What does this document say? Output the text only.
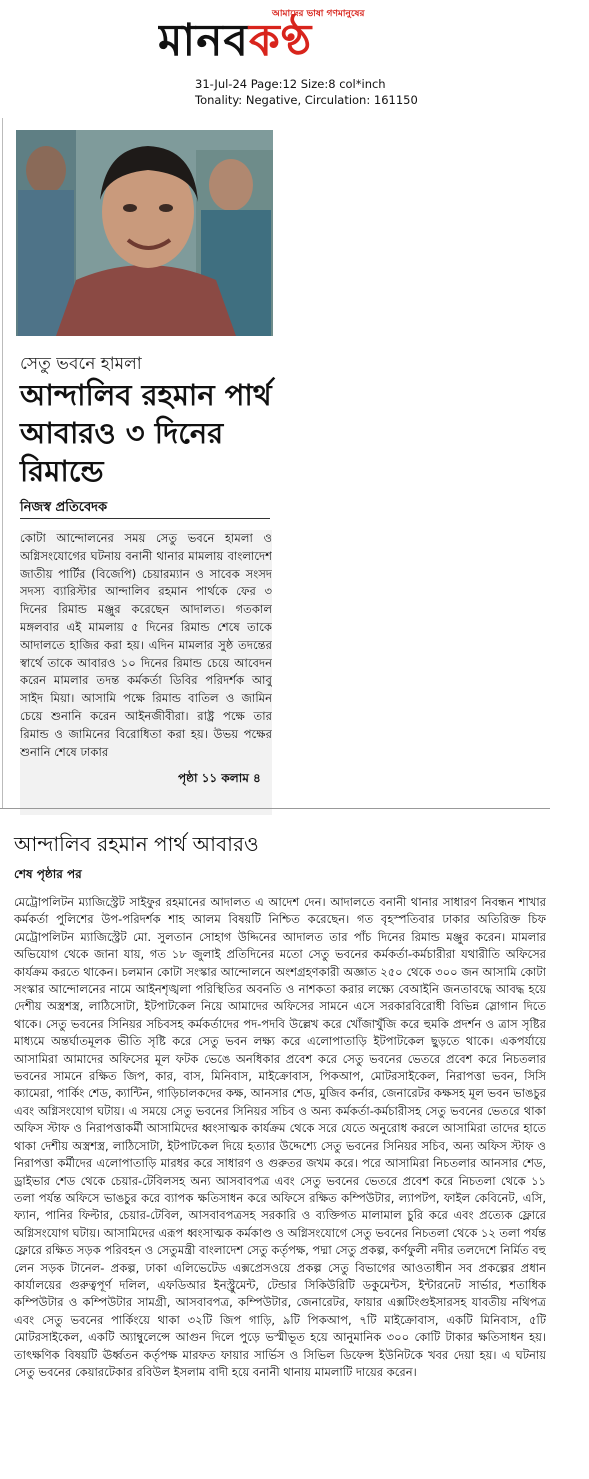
আমাদের ভাষা গণমানুষের
মানবকণ্ঠ
31-Jul-24 Page:12 Size:8 col*inch
Tonality: Negative, Circulation: 161150
সেতু ভবনে হামলা
আন্দালিব রহমান পার্থ আবারও ৩ দিনের রিমান্ডে
নিজস্ব প্রতিবেদক
কোটা আন্দোলনের সময় সেতু ভবনে হামলা ও অগ্নিসংযোগের ঘটনায় বনানী থানার মামলায় বাংলাদেশ জাতীয় পার্টির (বিজেপি) চেয়ারম্যান ও সাবেক সংসদ সদস্য ব্যারিস্টার আন্দালিব রহমান পার্থকে ফের ৩ দিনের রিমান্ড মঞ্জুর করেছেন আদালত। গতকাল মঙ্গলবার এই মামলায় ৫ দিনের রিমান্ড শেষে তাকে আদালতে হাজির করা হয়। এদিন মামলার সুষ্ঠ তদন্তের স্বার্থে তাকে আবারও ১০ দিনের রিমান্ড চেয়ে আবেদন করেন মামলার তদন্ত কর্মকর্তা ডিবির পরিদর্শক আবু সাইদ মিয়া। আসামি পক্ষে রিমান্ড বাতিল ও জামিন চেয়ে শুনানি করেন আইনজীবীরা। রাষ্ট্র পক্ষে তার রিমান্ড ও জামিনের বিরোধিতা করা হয়। উভয় পক্ষের শুনানি শেষে ঢাকার
পৃষ্ঠা ১১ কলাম ৪
আন্দালিব রহমান পার্থ আবারও
শেষ পৃষ্ঠার পর
মেট্রোপলিটন ম্যাজিস্ট্রেট সাইফুর রহমানের আদালত এ আদেশ দেন। আদালতে বনানী থানার সাধারণ নিবন্ধন শাখার কর্মকর্তা পুলিশের উপ-পরিদর্শক শাহ আলম বিষয়টি নিশ্চিত করেছেন। গত বৃহস্পতিবার ঢাকার অতিরিক্ত চিফ মেট্রোপলিটন ম্যাজিস্ট্রেট মো. সুলতান সোহাগ উদ্দিনের আদালত তার পাঁচ দিনের রিমান্ড মঞ্জুর করেন। মামলার অভিযোগ থেকে জানা যায়, গত ১৮ জুলাই প্রতিদিনের মতো সেতু ভবনের কর্মকর্তা-কর্মচারীরা যথারীতি অফিসের কার্যক্রম করতে থাকেন। চলমান কোটা সংস্কার আন্দোলনে অংশগ্রহণকারী অজ্ঞাত ২৫০ থেকে ৩০০ জন আসামি কোটা সংস্কার আন্দোলনের নামে আইনশৃঙ্খলা পরিস্থিতির অবনতি ও নাশকতা করার লক্ষ্যে বেআইনি জনতাবদ্ধে আবদ্ধ হয়ে দেশীয় অস্ত্রশস্ত্র, লাঠিসোটা, ইটপাটকেল নিয়ে আমাদের অফিসের সামনে এসে সরকারবিরোধী বিভিন্ন স্লোগান দিতে থাকে। সেতু ভবনের সিনিয়র সচিবসহ কর্মকর্তাদের পদ-পদবি উল্লেখ করে খোঁজাখুঁজি করে হুমকি প্রদর্শন ও ত্রাস সৃষ্টির মাধ্যমে অন্তর্ঘাতমূলক ভীতি সৃষ্টি করে সেতু ভবন লক্ষ্য করে এলোপাতাড়ি ইটপাটকেল ছুড়তে থাকে। একপর্যায়ে আসামিরা আমাদের অফিসের মূল ফটক ভেঙে অনধিকার প্রবেশ করে সেতু ভবনের ভেতরে প্রবেশ করে নিচতলার ভবনের সামনে রক্ষিত জিপ, কার, বাস, মিনিবাস, মাইক্রোবাস, পিকআপ, মোটরসাইকেল, নিরাপত্তা ভবন, সিসি ক্যামেরা, পার্কিং শেড, ক্যান্টিন, গাড়িচালকদের কক্ষ, আনসার শেড, মুজিব কর্নার, জেনারেটর কক্ষসহ মূল ভবন ভাঙচুর এবং অগ্নিসংযোগ ঘটায়। এ সময়ে সেতু ভবনের সিনিয়র সচিব ও অন্য কর্মকর্তা-কর্মচারীসহ সেতু ভবনের ভেতরে থাকা অফিস স্টাফ ও নিরাপত্তাকর্মী আসামিদের ধ্বংসাত্মক কার্যক্রম থেকে সরে যেতে অনুরোধ করলে আসামিরা তাদের হাতে থাকা দেশীয় অস্ত্রশস্ত্র, লাঠিসোটা, ইটপাটকেল দিয়ে হত্যার উদ্দেশ্যে সেতু ভবনের সিনিয়র সচিব, অন্য অফিস স্টাফ ও নিরাপত্তা কর্মীদের এলোপাতাড়ি মারধর করে সাধারণ ও গুরুতর জখম করে। পরে আসামিরা নিচতলার আনসার শেড, ড্রাইভার শেড থেকে চেয়ার-টেবিলসহ অন্য আসবাবপত্র এবং সেতু ভবনের ভেতরে প্রবেশ করে নিচতলা থেকে ১১ তলা পর্যন্ত অফিসে ভাঙচুর করে ব্যাপক ক্ষতিসাধন করে অফিসে রক্ষিত কম্পিউটার, ল্যাপটপ, ফাইল কেবিনেট, এসি, ফ্যান, পানির ফিল্টার, চেয়ার-টেবিল, আসবাবপত্রসহ সরকারি ও ব্যক্তিগত মালামাল চুরি করে এবং প্রত্যেক ফ্লোরে অগ্নিসংযোগ ঘটায়। আসামিদের এরূপ ধ্বংসাত্মক কর্মকাণ্ড ও অগ্নিসংযোগে সেতু ভবনের নিচতলা থেকে ১২ তলা পর্যন্ত ফ্লোরে রক্ষিত সড়ক পরিবহন ও সেতুমন্ত্রী বাংলাদেশ সেতু কর্তৃপক্ষ, পদ্মা সেতু প্রকল্প, কর্ণফুলী নদীর তলদেশে নির্মিত বহু লেন সড়ক টানেল- প্রকল্প, ঢাকা এলিভেটেড এক্সপ্রেসওয়ে প্রকল্প সেতু বিভাগের আওতাধীন সব প্রকল্পের প্রধান কার্যালয়ের গুরুত্বপূর্ণ দলিল, এফডিআর ইনস্ট্রুমেন্ট, টেন্ডার সিকিউরিটি ডকুমেন্টস, ইন্টারনেট সার্ভার, শতাধিক কম্পিউটার ও কম্পিউটার সামগ্রী, আসবাবপত্র, কম্পিউটার, জেনারেটর, ফায়ার এক্সটিংগুইসারসহ যাবতীয় নথিপত্র এবং সেতু ভবনের পার্কিংয়ে থাকা ৩২টি জিপ গাড়ি, ৯টি পিকআপ, ৭টি মাইক্রোবাস, একটি মিনিবাস, ৫টি মোটরসাইকেল, একটি অ্যাম্বুলেন্সে আগুন দিলে পুড়ে ভস্মীভূত হয়ে আনুমানিক ৩০০ কোটি টাকার ক্ষতিসাধন হয়। তাৎক্ষণিক বিষয়টি ঊর্ধ্বতন কর্তৃপক্ষ মারফত ফায়ার সার্ভিস ও সিভিল ডিফেন্স ইউনিটকে খবর দেয়া হয়। এ ঘটনায় সেতু ভবনের কেয়ারটেকার রবিউল ইসলাম বাদী হয়ে বনানী থানায় মামলাটি দায়ের করেন।
